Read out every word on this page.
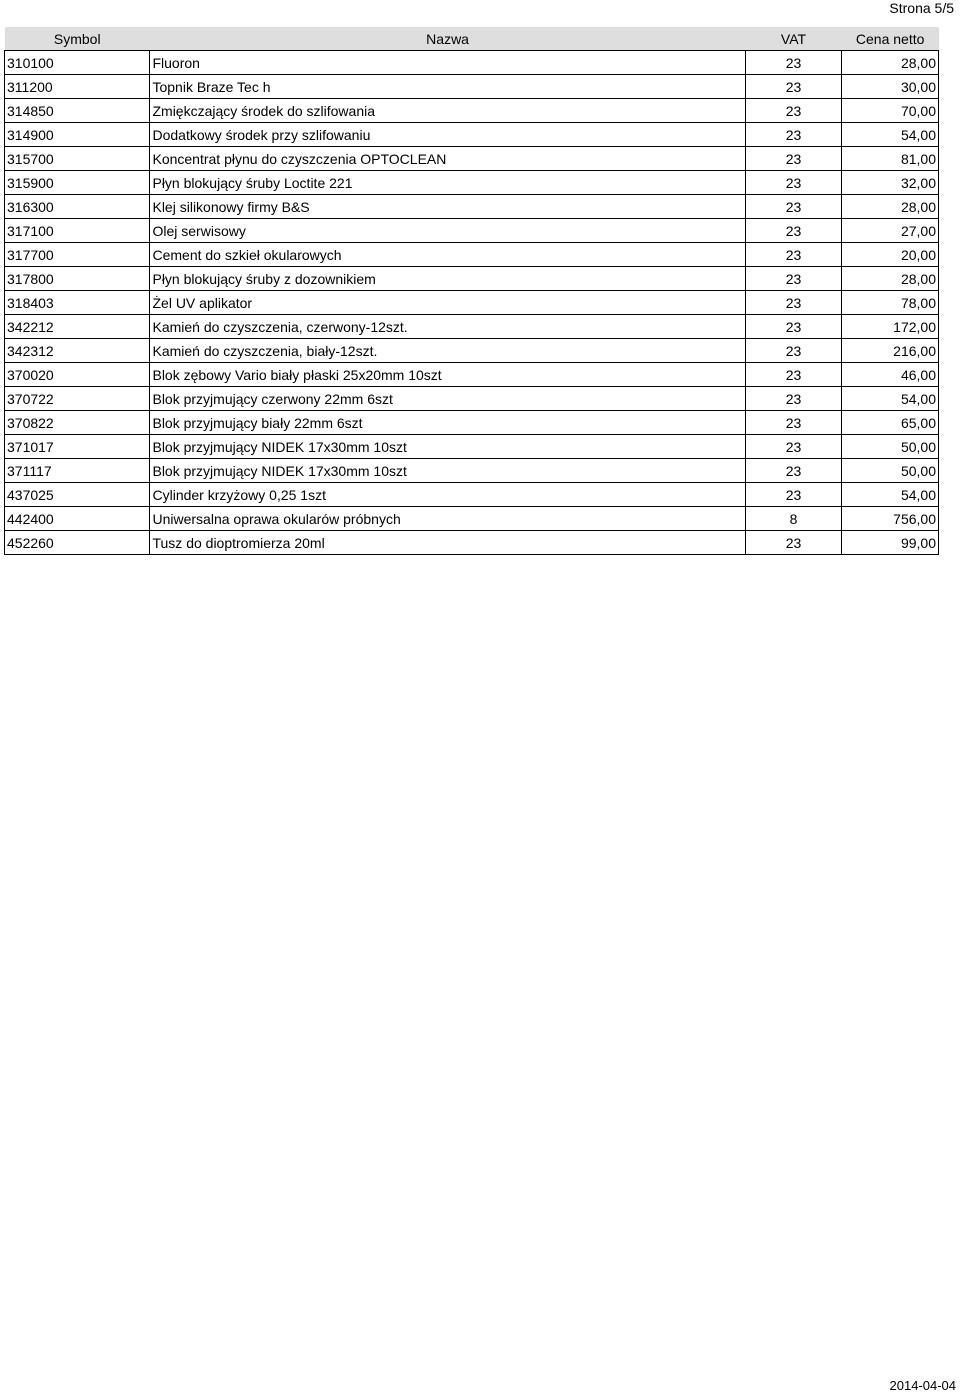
Strona 5/5
Symbol	Nazwa	VAT	Cena netto
310100	Fluoron	23	28,00
311200	Topnik Braze Tec h	23	30,00
314850	Zmiękczający środek do szlifowania	23	70,00
314900	Dodatkowy środek przy szlifowaniu	23	54,00
315700	Koncentrat płynu do czyszczenia OPTOCLEAN	23	81,00
315900	Płyn blokujący śruby Loctite 221	23	32,00
316300	Klej silikonowy firmy B&S	23	28,00
317100	Olej serwisowy	23	27,00
317700	Cement do szkieł okularowych	23	20,00
317800	Płyn blokujący śruby z dozownikiem	23	28,00
318403	Żel UV aplikator	23	78,00
342212	Kamień do czyszczenia, czerwony-12szt.	23	172,00
342312	Kamień do czyszczenia, biały-12szt.	23	216,00
370020	Blok zębowy Vario biały płaski 25x20mm 10szt	23	46,00
370722	Blok przyjmujący czerwony 22mm 6szt	23	54,00
370822	Blok przyjmujący biały 22mm 6szt	23	65,00
371017	Blok przyjmujący NIDEK 17x30mm 10szt	23	50,00
371117	Blok przyjmujący NIDEK 17x30mm 10szt	23	50,00
437025	Cylinder krzyżowy 0,25 1szt	23	54,00
442400	Uniwersalna oprawa okularów próbnych	8	756,00
452260	Tusz do dioptromierza 20ml	23	99,00
2014-04-04
